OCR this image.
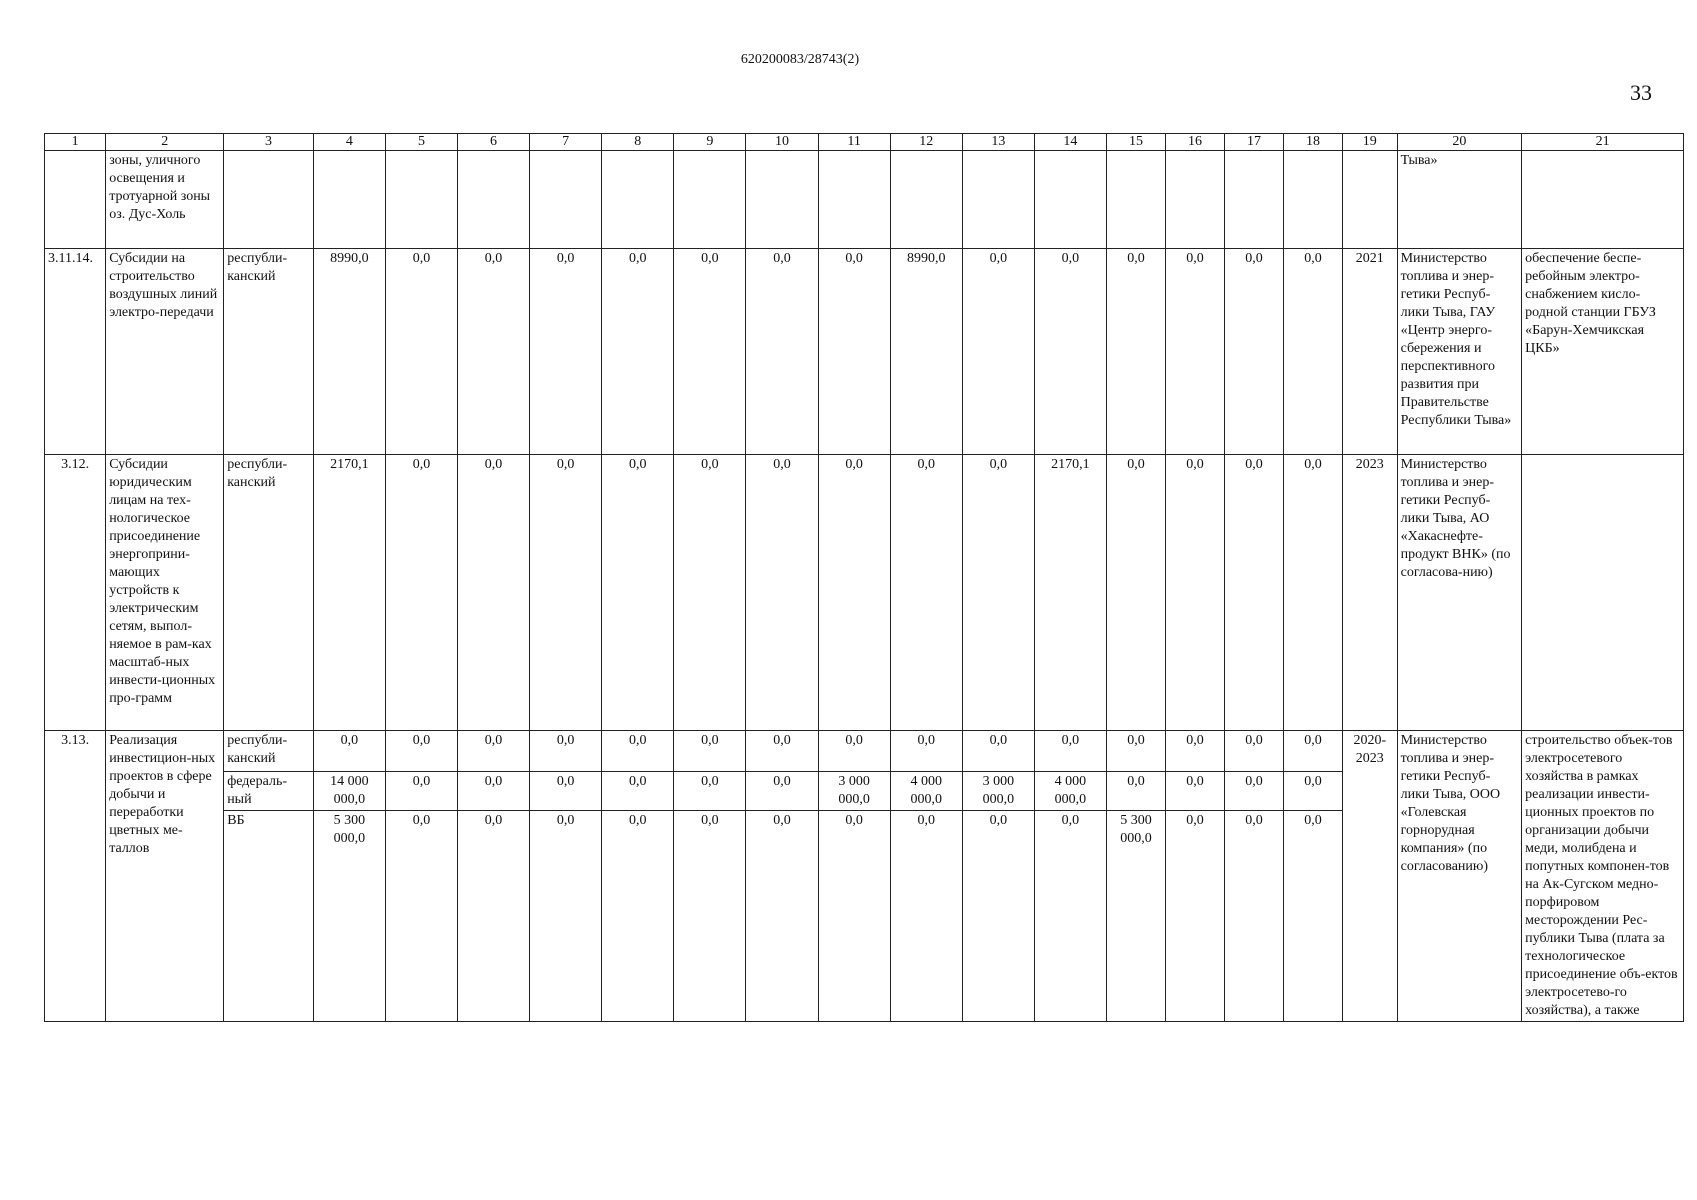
620200083/28743(2)
33
1	2	3	4	5	6	7	8	9	10	11	12	13	14	15	16	17	18	19	20	21
	зоны, уличного освещения и тротуарной зоны оз. Дус-Холь																		Тыва»	
3.11.14.	Субсидии на строительство воздушных линий электро-передачи	республи-канский	8990,0	0,0	0,0	0,0	0,0	0,0	0,0	0,0	8990,0	0,0	0,0	0,0	0,0	0,0	0,0	2021	Министерство топлива и энер-гетики Респуб-лики Тыва, ГАУ «Центр энерго-сбережения и перспективного развития при Правительстве Республики Тыва»	обеспечение беспе-ребойным электро-снабжением кисло-родной станции ГБУЗ «Барун-Хемчикская ЦКБ»
3.12.	Субсидии юридическим лицам на тех-нологическое присоединение энергоприни-мающих устройств к электрическим сетям, выпол-няемое в рам-ках масштаб-ных инвести-ционных про-грамм	республи-канский	2170,1	0,0	0,0	0,0	0,0	0,0	0,0	0,0	0,0	0,0	2170,1	0,0	0,0	0,0	0,0	2023	Министерство топлива и энер-гетики Респуб-лики Тыва, АО «Хакаснефте-продукт ВНК» (по согласова-нию)	
3.13.	Реализация инвестицион-ных проектов в сфере добычи и переработки цветных ме-таллов	республи-канский	0,0	0,0	0,0	0,0	0,0	0,0	0,0	0,0	0,0	0,0	0,0	0,0	0,0	0,0	0,0	2020-2023	Министерство топлива и энер-гетики Респуб-лики Тыва, ООО «Голевская горнорудная компания» (по согласованию)	строительство объек-тов электросетевого хозяйства в рамках реализации инвести-ционных проектов по организации добычи меди, молибдена и попутных компонен-тов на Ак-Сугском медно-порфировом месторождении Рес-публики Тыва (плата за технологическое присоединение объ-ектов электросетево-го хозяйства), а также
		федераль-ный	14 000 000,0	0,0	0,0	0,0	0,0	0,0	0,0	3 000 000,0	4 000 000,0	3 000 000,0	4 000 000,0	0,0	0,0	0,0	0,0			
		ВБ	5 300 000,0	0,0	0,0	0,0	0,0	0,0	0,0	0,0	0,0	0,0	0,0	5 300 000,0	0,0	0,0	0,0			
